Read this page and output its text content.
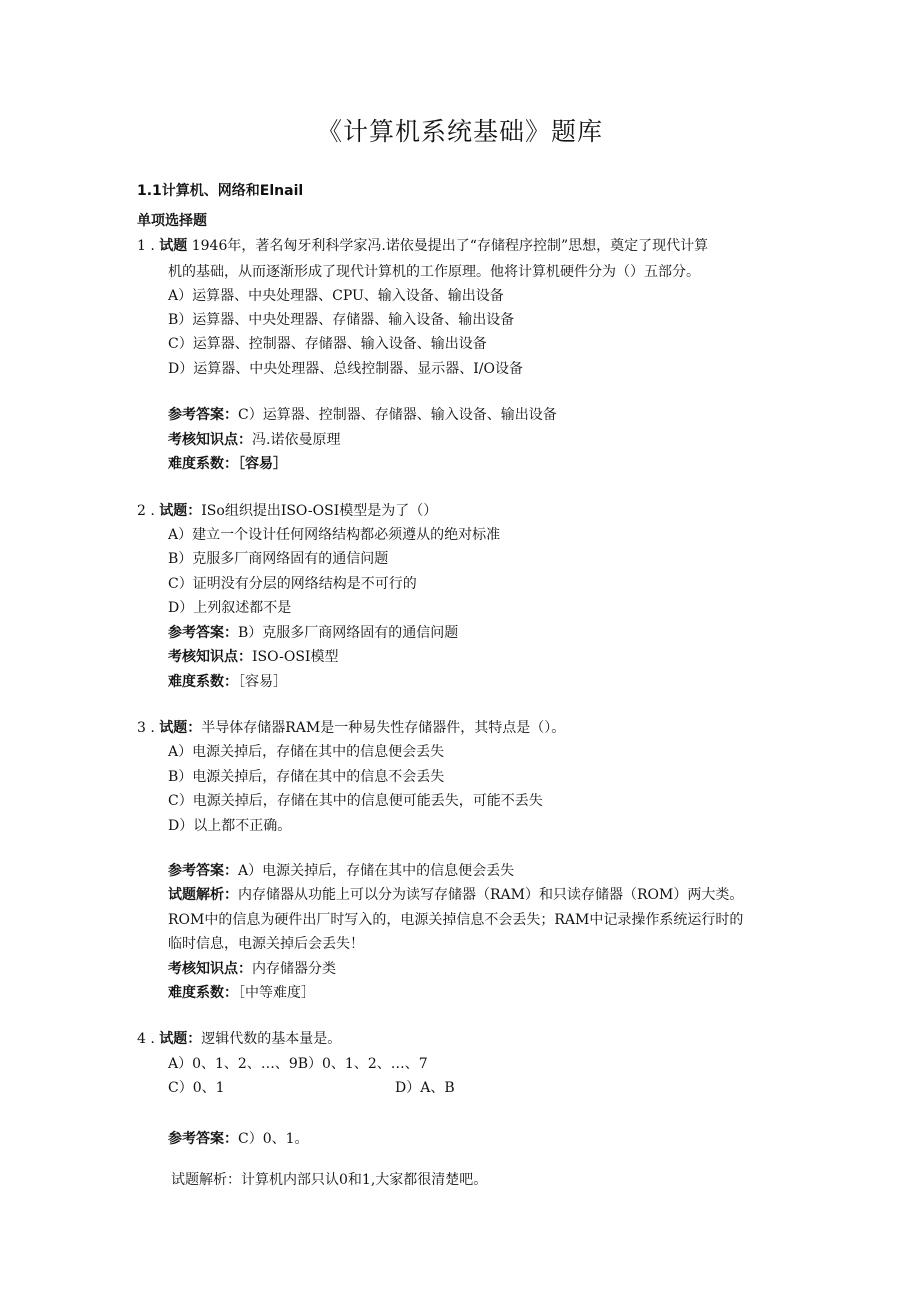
《计算机系统基础》题库
1.1计算机、网络和Elnail
单项选择题
1 . 试题 1946年，著名匈牙利科学家冯.诺依曼提出了“存储程序控制”思想，奠定了现代计算
机的基础，从而逐渐形成了现代计算机的工作原理。他将计算机硬件分为（）五部分。
A）运算器、中央处理器、CPU、输入设备、输出设备
B）运算器、中央处理器、存储器、输入设备、输出设备
C）运算器、控制器、存储器、输入设备、输出设备
D）运算器、中央处理器、总线控制器、显示器、I/O设备
参考答案：C）运算器、控制器、存储器、输入设备、输出设备
考核知识点：冯.诺依曼原理
难度系数：［容易］
2 . 试题：ISo组织提出ISO-OSI模型是为了（）
A）建立一个设计任何网络结构都必须遵从的绝对标准
B）克服多厂商网络固有的通信问题
C）证明没有分层的网络结构是不可行的
D）上列叙述都不是
参考答案：B）克服多厂商网络固有的通信问题
考核知识点：ISO-OSI模型
难度系数：［容易］
3 . 试题：半导体存储器RAM是一种易失性存储器件，其特点是（）。
A）电源关掉后，存储在其中的信息便会丢失
B）电源关掉后，存储在其中的信息不会丢失
C）电源关掉后，存储在其中的信息便可能丢失，可能不丢失
D）以上都不正确。
参考答案：A）电源关掉后，存储在其中的信息便会丢失
试题解析：内存储器从功能上可以分为读写存储器（RAM）和只读存储器（ROM）两大类。
ROM中的信息为硬件出厂时写入的，电源关掉信息不会丢失；RAM中记录操作系统运行时的
临时信息，电源关掉后会丢失！
考核知识点：内存储器分类
难度系数：［中等难度］
4 . 试题：逻辑代数的基本量是。
A）0、1、2、…、9B）0、1、2、…、7
C）0、1	D）A、B
参考答案：C）0、1。
试题解析：计算机内部只认0和1,大家都很清楚吧。
